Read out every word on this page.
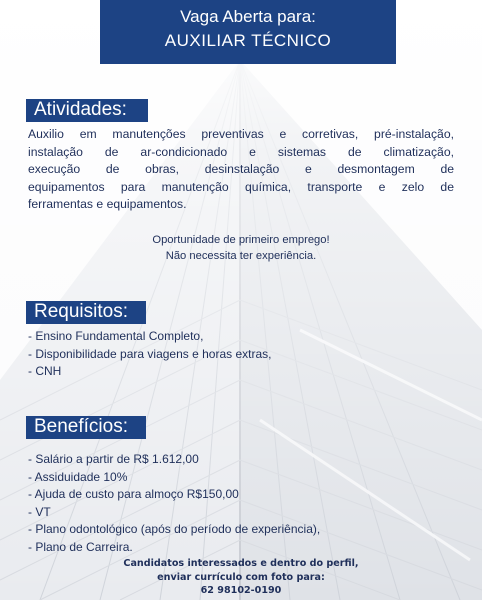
Vaga Aberta para:
AUXILIAR TÉCNICO
Atividades:
Auxilio em manutenções preventivas e corretivas, pré-instalação,
instalação de ar-condicionado e sistemas de climatização,
execução de obras, desinstalação e desmontagem de
equipamentos para manutenção química, transporte e zelo de
ferramentas e equipamentos.
Oportunidade de primeiro emprego!
Não necessita ter experiência.
Requisitos:
- Ensino Fundamental Completo,
- Disponibilidade para viagens e horas extras,
- CNH
Benefícios:
- Salário a partir de R$ 1.612,00
- Assiduidade 10%
- Ajuda de custo para almoço R$150,00
- VT
- Plano odontológico (após do período de experiência),
- Plano de Carreira.
Candidatos interessados e dentro do perfil,
enviar currículo com foto para:
62 98102-0190
